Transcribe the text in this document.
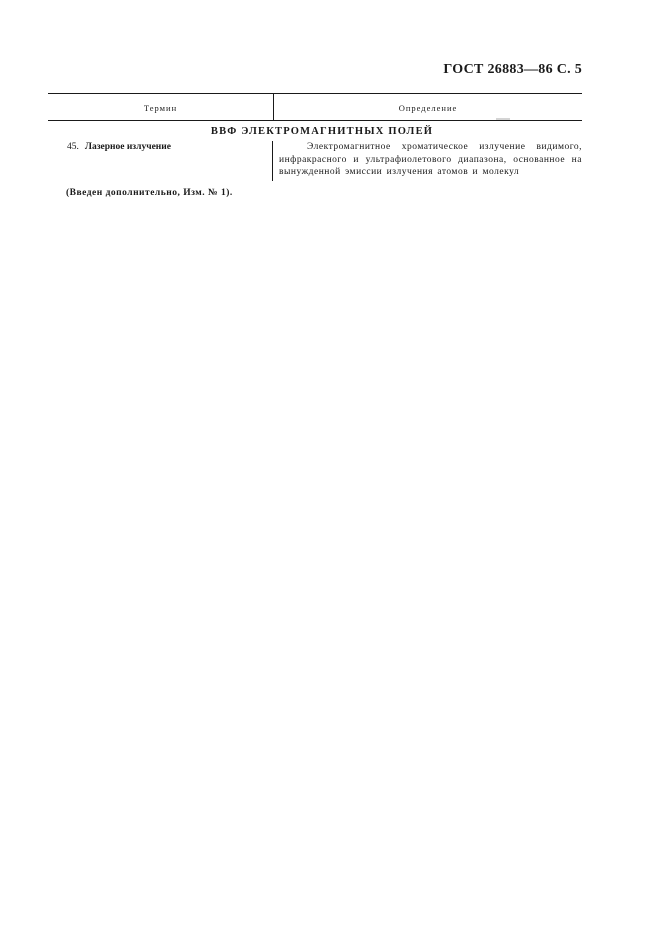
ГОСТ 26883—86 С. 5
Термин	Определение
ВВФ ЭЛЕКТРОМАГНИТНЫХ ПОЛЕЙ
45. Лазерное излучение	Электромагнитное хроматическое излучение видимого, инфракрасного и ультрафиолетового диапазона, основанное на вынужденной эмиссии излучения атомов и молекул
(Введен дополнительно, Изм. № 1).
